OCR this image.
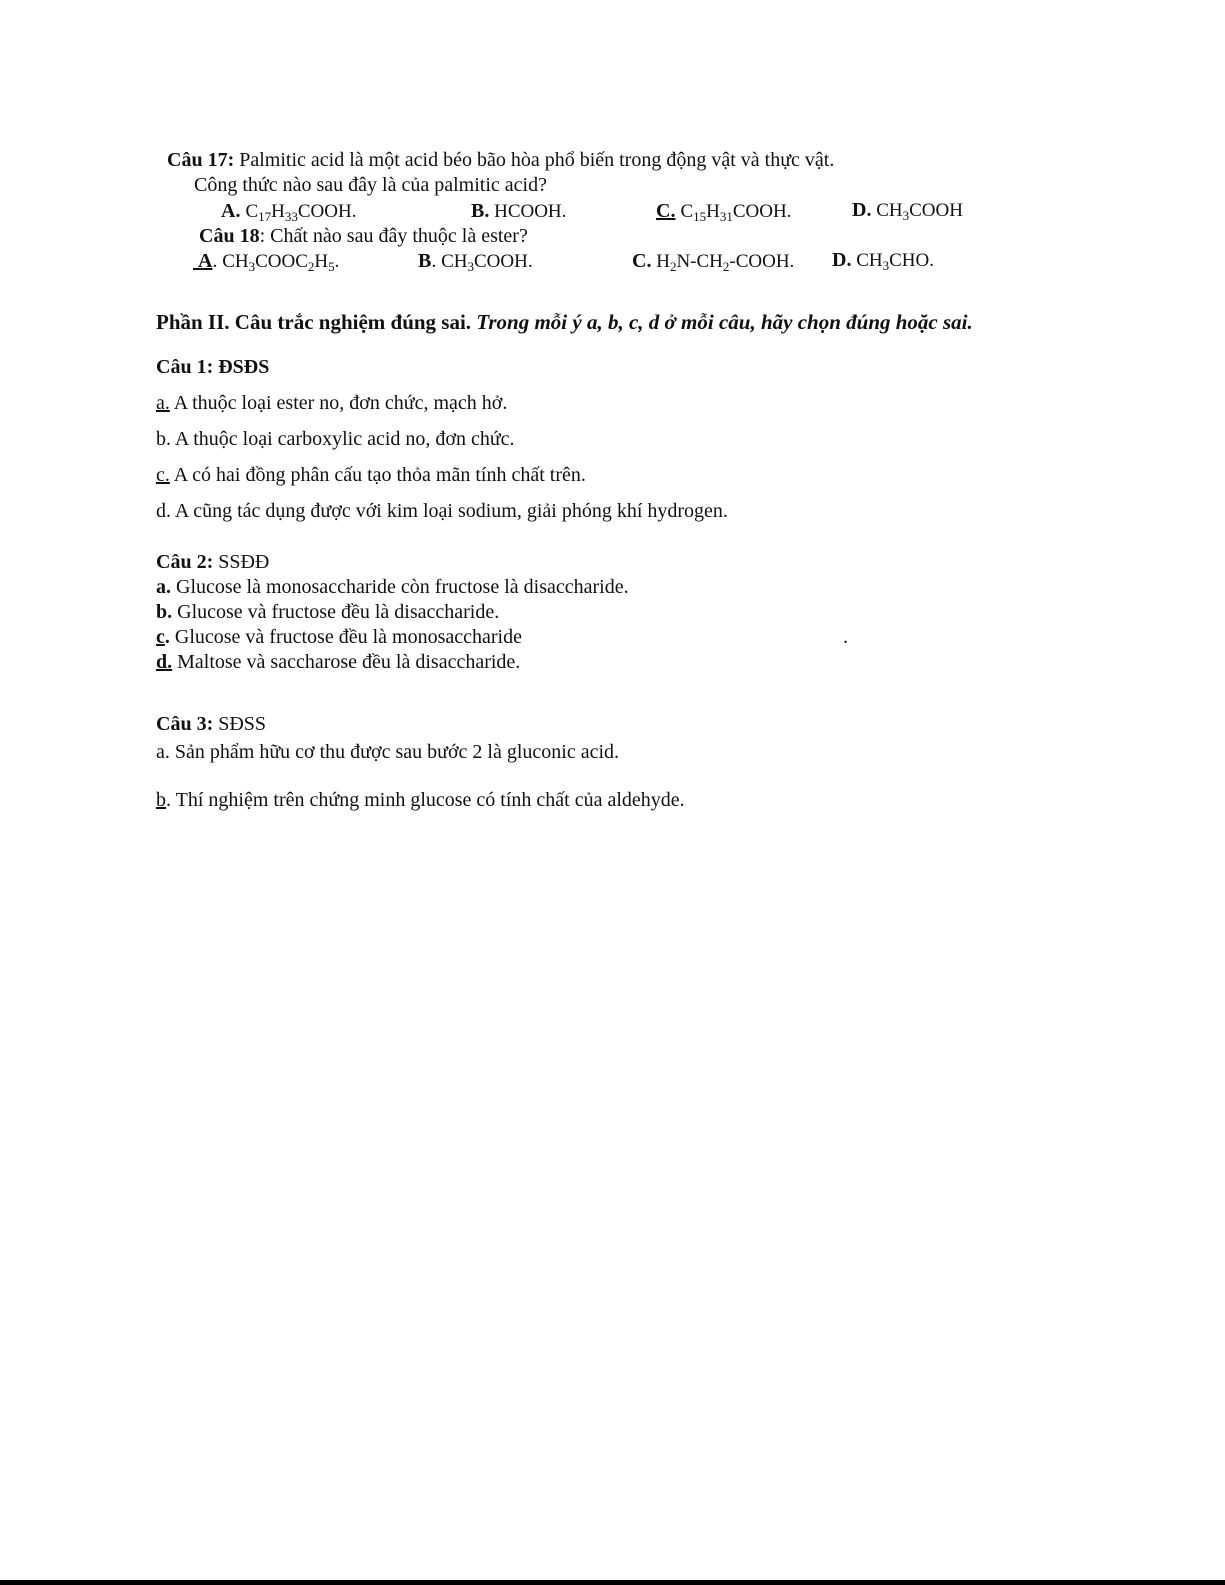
Câu 17: Palmitic acid là một acid béo bão hòa phổ biến trong động vật và thực vật.
Công thức nào sau đây là của palmitic acid?
A. $C_{17}H_{33}COOH$.	B. HCOOH.	C. $C_{15}H_{31}COOH$.	D. $CH_3COOH$
Câu 18: Chất nào sau đây thuộc là ester?
A. $CH_3COOC_2H_5$.	B. $CH_3COOH$.	C. $H_2N-CH_2$-COOH. D. $CH_3CHO$.
Phần II. Câu trắc nghiệm đúng sai. Trong mỗi ý a, b, c, d ở mỗi câu, hãy chọn đúng hoặc sai.
Câu 1: ĐSĐS
a. A thuộc loại ester no, đơn chức, mạch hở.
b. A thuộc loại carboxylic acid no, đơn chức.
c. A có hai đồng phân cấu tạo thỏa mãn tính chất trên.
d. A cũng tác dụng được với kim loại sodium, giải phóng khí hydrogen.
Câu 2: SSĐĐ
a. Glucose là monosaccharide còn fructose là disaccharide.
b. Glucose và fructose đều là disaccharide.
c. Glucose và fructose đều là monosaccharide	.
d. Maltose và saccharose đều là disaccharide.
Câu 3: SĐSS
a. Sản phẩm hữu cơ thu được sau bước 2 là gluconic acid.
b. Thí nghiệm trên chứng minh glucose có tính chất của aldehyde.
